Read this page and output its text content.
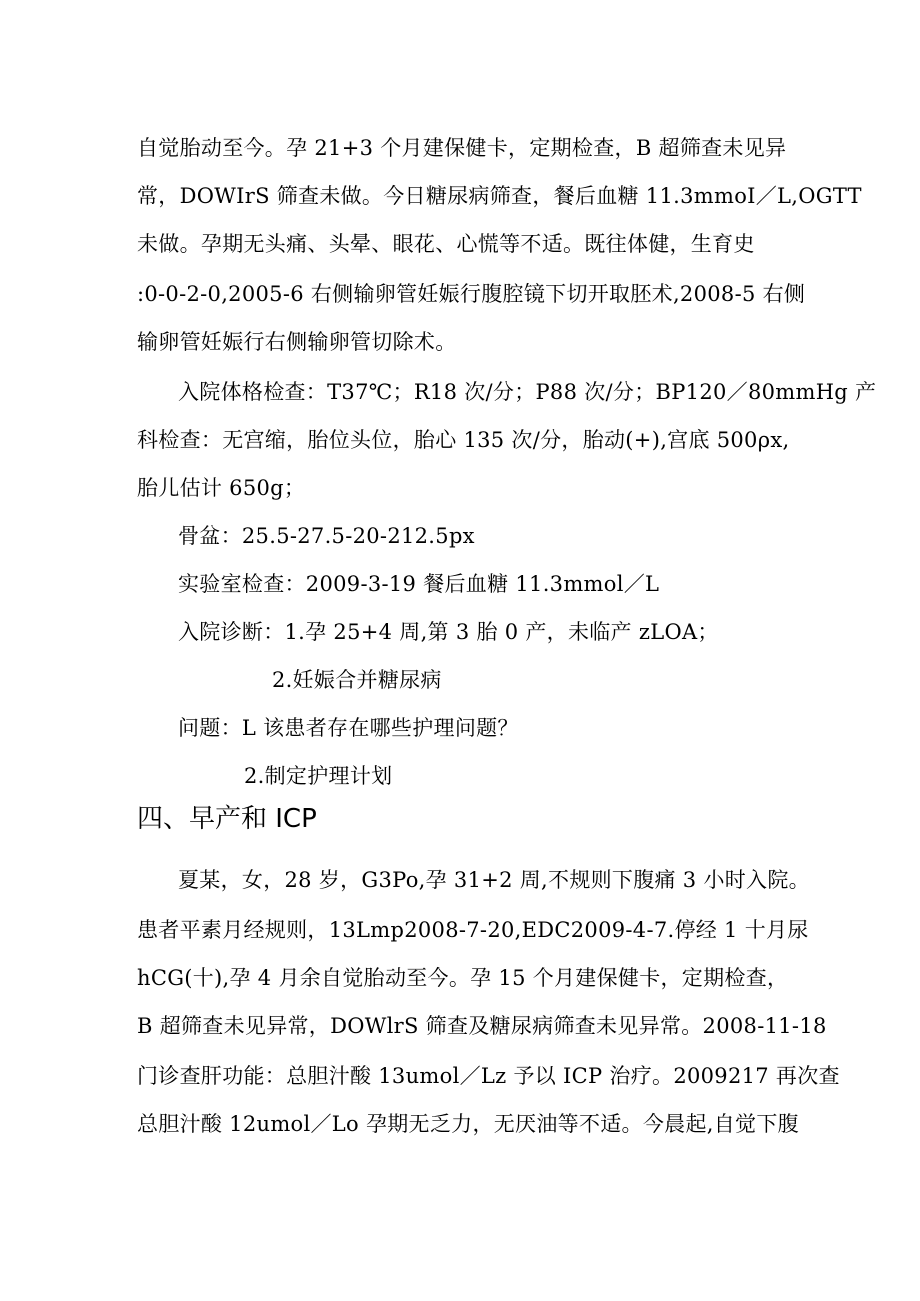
自觉胎动至今。孕 21+3 个月建保健卡，定期检查，B 超筛查未见异
常，DOWIrS 筛查未做。今日糖尿病筛查，餐后血糖 11.3mmoI／L,OGTT
未做。孕期无头痛、头晕、眼花、心慌等不适。既往体健，生育史
:0-0-2-0,2005-6 右侧输卵管妊娠行腹腔镜下切开取胚术,2008-5 右侧
输卵管妊娠行右侧输卵管切除术。
入院体格检查：T37℃；R18 次/分；P88 次/分；BP120／80mmHg 产
科检查：无宫缩，胎位头位，胎心 135 次/分，胎动(+),宫底 500ρx,
胎儿估计 650g；
骨盆：25.5-27.5-20-212.5px
实验室检查：2009-3-19 餐后血糖 11.3mmol／L
入院诊断：1.孕 25+4 周,第 3 胎 0 产，未临产 zLOA；
2.妊娠合并糖尿病
问题：L 该患者存在哪些护理问题？
2.制定护理计划
四、早产和 ICP
夏某，女，28 岁，G3Po,孕 31+2 周,不规则下腹痛 3 小时入院。
患者平素月经规则，13Lmp2008-7-20,EDC2009-4-7.停经 1 十月尿
hCG(十),孕 4 月余自觉胎动至今。孕 15 个月建保健卡，定期检查，
B 超筛查未见异常，DOWlrS 筛查及糖尿病筛查未见异常。2008-11-18
门诊查肝功能：总胆汁酸 13umol／Lz 予以 ICP 治疗。2009217 再次查
总胆汁酸 12umol／Lo 孕期无乏力，无厌油等不适。今晨起,自觉下腹
